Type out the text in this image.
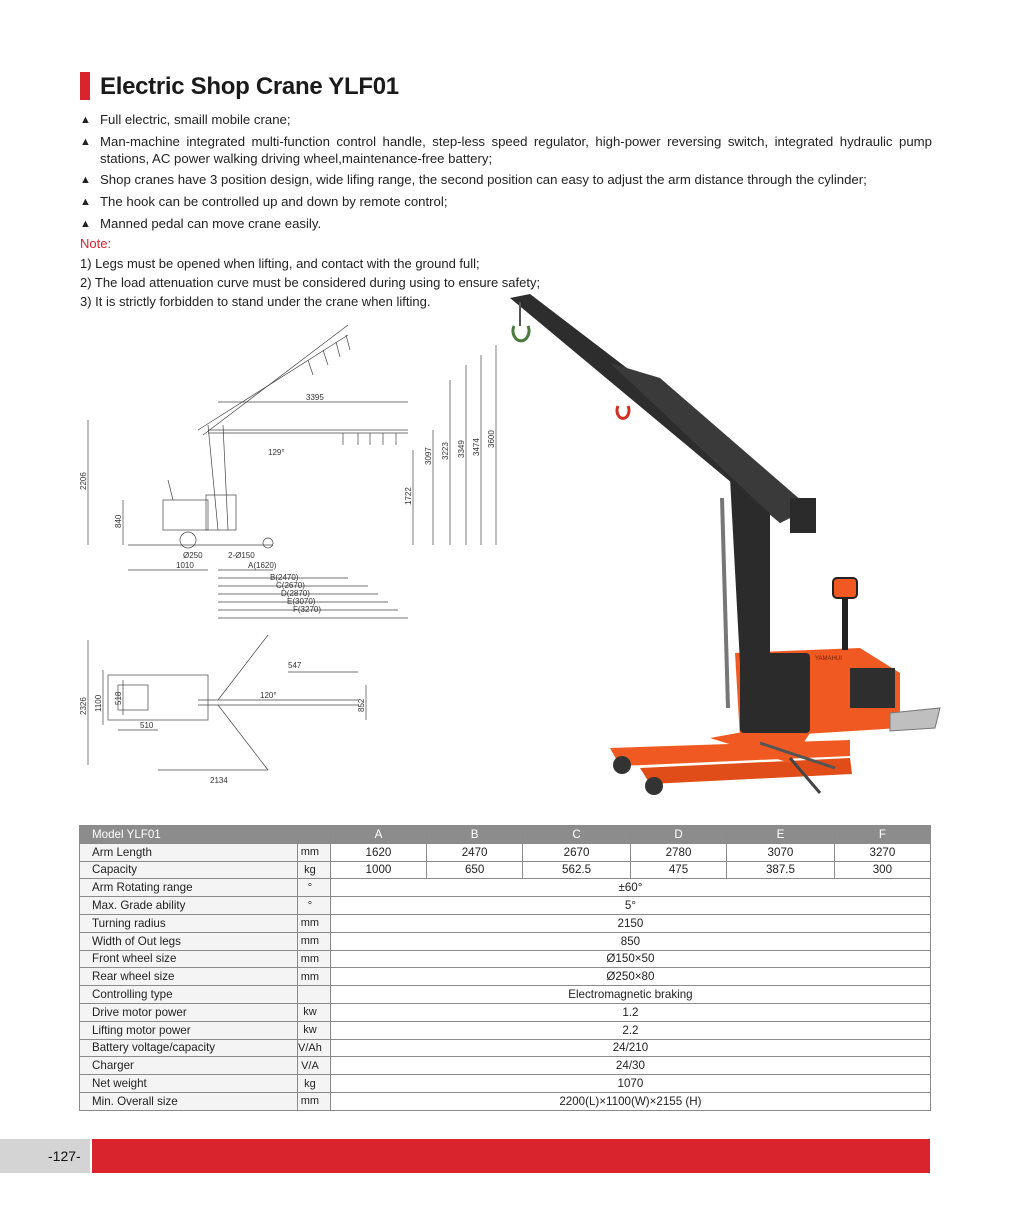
Electric Shop Crane YLF01
▲ Full electric, smaill mobile crane;
▲ Man-machine integrated multi-function control handle, step-less speed regulator, high-power reversing switch, integrated hydraulic pump stations, AC power walking driving wheel,maintenance-free battery;
▲ Shop cranes have 3 position design, wide lifing range, the second position can easy to adjust the arm distance through the cylinder;
▲ The hook can be controlled up and down by remote control;
▲ Manned pedal can move crane easily.
Note:
1) Legs must be opened when lifting, and contact with the ground full;
2) The load attenuation curve must be considered during using to ensure safety;
3) It is strictly forbidden to stand under the crane when lifting.
3395
2206
840
129°
1722
3097 3223 3349 3474 3600
Ø250	2-Ø150
1010	A(1620)
B(2470)
C(2670)
D(2870)
E(3070)
F(3270)
2326 1100 518
510
547
120°
852
2134
YAMAHUI
Model YLF01		A	B	C	D	E	F
Arm Length	mm	1620	2470	2670	2780	3070	3270
Capacity	kg	1000	650	562.5	475	387.5	300
Arm Rotating range	°	±60°					
Max. Grade ability	°	5°					
Turning radius	mm	2150					
Width of Out legs	mm	850					
Front wheel size	mm	Ø150×50					
Rear wheel size	mm	Ø250×80					
Controlling type		Electromagnetic braking					
Drive motor power	kw	1.2					
Lifting motor power	kw	2.2					
Battery voltage/capacity	V/Ah	24/210					
Charger	V/A	24/30					
Net weight	kg	1070					
Min. Overall size	mm	2200(L)×1100(W)×2155 (H)					
-127-
